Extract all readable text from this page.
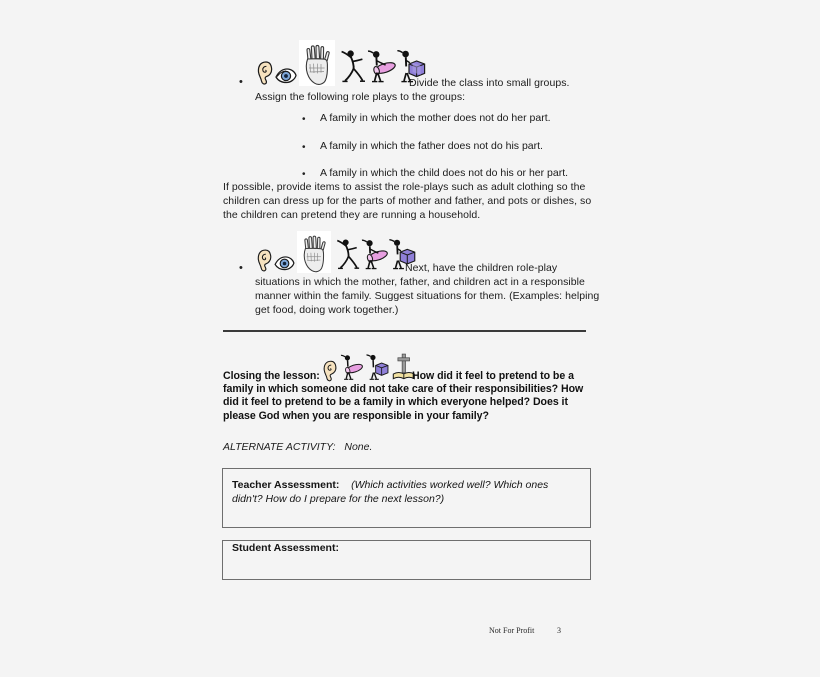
•	Divide the class into small groups.
Assign the following role plays to the groups:
• A family in which the mother does not do her part.
• A family in which the father does not do his part.
• A family in which the child does not do his or her part.
If possible, provide items to assist the role-plays such as adult clothing so the children can dress up for the parts of mother and father, and pots or dishes, so the children can pretend they are running a household.
•	Next, have the children role-play
Closing the lesson:	How did it feel to pretend to be a
ALTERNATE ACTIVITY: None.
Teacher Assessment: (Which activities worked well? Which ones didn't? How do I prepare for the next lesson?)
Student Assessment:
Not For Profit	3
situations in which the mother, father, and children act in a responsible manner within the family. Suggest situations for them. (Examples: helping get food, doing work together.)
family in which someone did not take care of their responsibilities? How did it feel to pretend to be a family in which everyone helped? Does it please God when you are responsible in your family?
